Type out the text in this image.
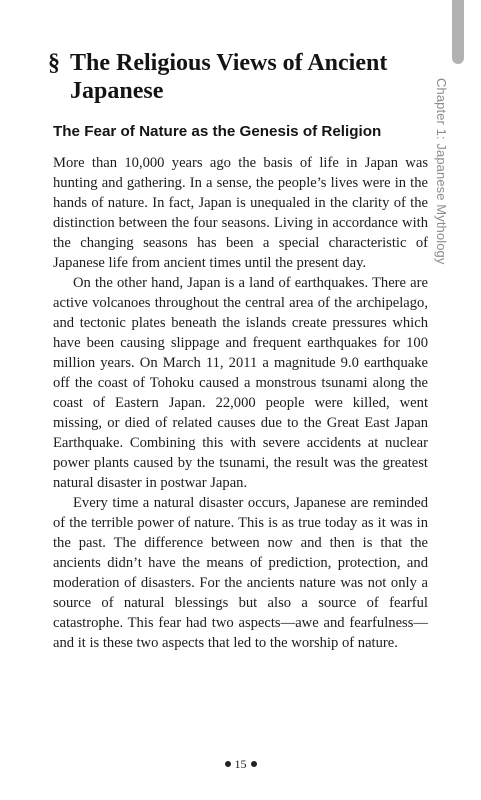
Chapter 1: Japanese Mythology
§ The Religious Views of Ancient
Japanese
The Fear of Nature as the Genesis of Religion

More than 10,000 years ago the basis of life in Japan was hunting and gathering. In a sense, the people’s lives were in the hands of nature. In fact, Japan is unequaled in the clarity of the distinction between the four seasons. Living in accordance with the changing seasons has been a special characteristic of Japanese life from ancient times until the present day.

On the other hand, Japan is a land of earthquakes. There are active volcanoes throughout the central area of the archipelago, and tectonic plates beneath the islands create pressures which have been causing slippage and frequent earthquakes for 100 million years. On March 11, 2011 a magnitude 9.0 earthquake off the coast of Tohoku caused a monstrous tsunami along the coast of Eastern Japan. 22,000 people were killed, went missing, or died of related causes due to the Great East Japan Earthquake. Combining this with severe accidents at nuclear power plants caused by the tsunami, the result was the greatest natural disaster in postwar Japan.

Every time a natural disaster occurs, Japanese are reminded of the terrible power of nature. This is as true today as it was in the past. The difference between now and then is that the ancients didn’t have the means of prediction, protection, and moderation of disasters. For the ancients nature was not only a source of natural blessings but also a source of fearful catastrophe. This fear had two aspects—awe and fearfulness—and it is these two aspects that led to the worship of nature.

15
